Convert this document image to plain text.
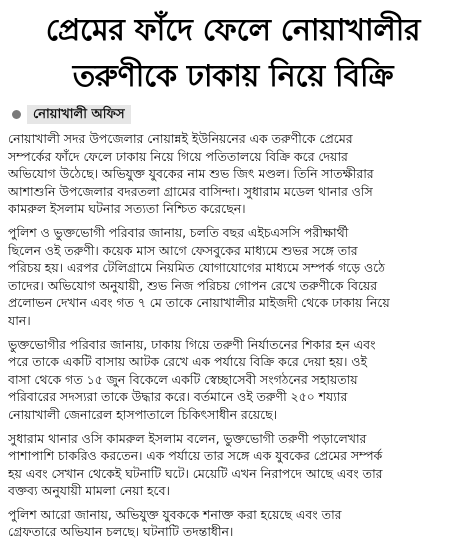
প্রেমের ফাঁদে ফেলে নোয়াখালীর
তরুণীকে ঢাকায় নিয়ে বিক্রি
নোয়াখালী অফিস

নোয়াখালী সদর উপজেলার নোয়ান্নই ইউনিয়নের এক তরুণীকে প্রেমের
সম্পর্কের ফাঁদে ফেলে ঢাকায় নিয়ে গিয়ে পতিতালয়ে বিক্রি করে দেয়ার
অভিযোগ উঠেছে। অভিযুক্ত যুবকের নাম শুভ জিৎ মণ্ডল। তিনি সাতক্ষীরার
আশাশুনি উপজেলার বদরতলা গ্রামের বাসিন্দা। সুধারাম মডেল থানার ওসি
কামরুল ইসলাম ঘটনার সত্যতা নিশ্চিত করেছেন।

পুলিশ ও ভুক্তভোগী পরিবার জানায়, চলতি বছর এইচএসসি পরীক্ষার্থী
ছিলেন ওই তরুণী। কয়েক মাস আগে ফেসবুকের মাধ্যমে শুভর সঙ্গে তার
পরিচয় হয়। এরপর টেলিগ্রামে নিয়মিত যোগাযোগের মাধ্যমে সম্পর্ক গড়ে ওঠে
তাদের। অভিযোগ অনুযায়ী, শুভ নিজ পরিচয় গোপন রেখে তরুণীকে বিয়ের
প্রলোভন দেখান এবং গত ৭ মে তাকে নোয়াখালীর মাইজদী থেকে ঢাকায় নিয়ে
যান।

ভুক্তভোগীর পরিবার জানায়, ঢাকায় গিয়ে তরুণী নির্যাতনের শিকার হন এবং
পরে তাকে একটি বাসায় আটক রেখে এক পর্যায়ে বিক্রি করে দেয়া হয়। ওই
বাসা থেকে গত ১৫ জুন বিকেলে একটি স্বেচ্ছাসেবী সংগঠনের সহায়তায়
পরিবারের সদস্যরা তাকে উদ্ধার করে। বর্তমানে ওই তরুণী ২৫০ শয্যার
নোয়াখালী জেনারেল হাসপাতালে চিকিৎসাধীন রয়েছে।

সুধারাম থানার ওসি কামরুল ইসলাম বলেন, ভুক্তভোগী তরুণী পড়ালেখার
পাশাপাশি চাকরিও করতেন। এক পর্যায়ে তার সঙ্গে এক যুবকের প্রেমের সম্পর্ক
হয় এবং সেখান থেকেই ঘটনাটি ঘটে। মেয়েটি এখন নিরাপদে আছে এবং তার
বক্তব্য অনুযায়ী মামলা নেয়া হবে।

পুলিশ আরো জানায়, অভিযুক্ত যুবককে শনাক্ত করা হয়েছে এবং তার
গ্রেফতারে অভিযান চলছে। ঘটনাটি তদন্তাধীন।
